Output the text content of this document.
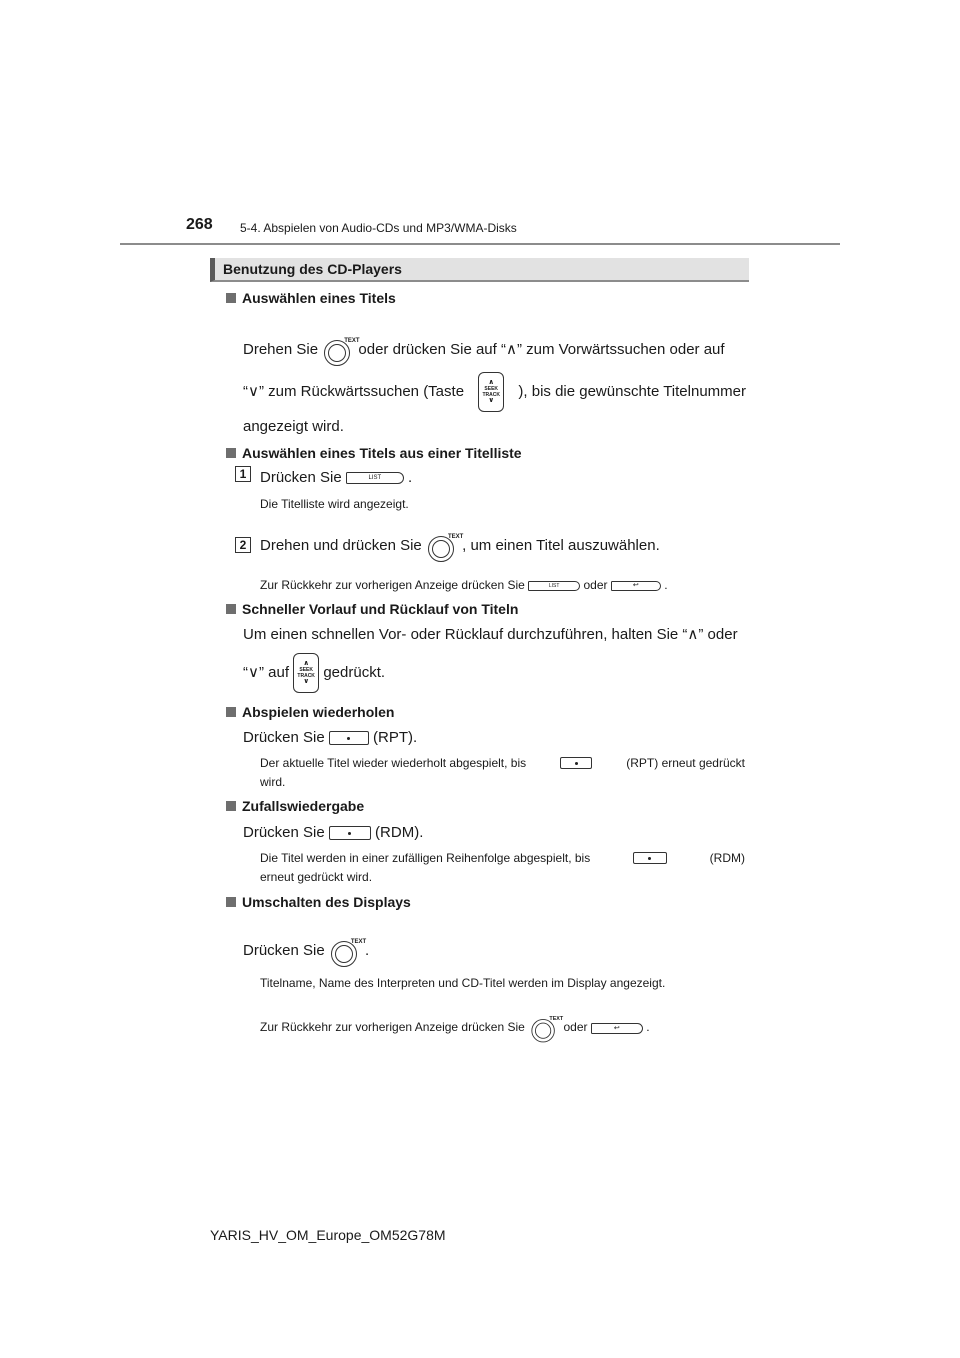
268 5-4. Abspielen von Audio-CDs und MP3/WMA-Disks
Benutzung des CD-Players
Auswählen eines Titels
Drehen Sie	TEXT
oder drücken Sie auf “∧” zum Vorwärtssuchen oder auf
“∨” zum Rückwärtssuchen (Taste
∧
SEEK
TRACK
∨
), bis die gewünschte Titelnummer
angezeigt wird.
Auswählen eines Titels aus einer Titelliste
1 Drücken Sie	LIST .
Die Titelliste wird angezeigt.
2 Drehen und drücken Sie	TEXT
, um einen Titel auszuwählen.
Zur Rückkehr zur vorherigen Anzeige drücken Sie	LIST oder	↩ .
Schneller Vorlauf und Rücklauf von Titeln
Um einen schnellen Vor- oder Rücklauf durchzuführen, halten Sie “∧” oder
“∨” auf
∧
SEEK
TRACK
∨
gedrückt.
Abspielen wiederholen
Drücken Sie	(RPT).
Der aktuelle Titel wieder wiederholt abgespielt, bis	(RPT) erneut gedrückt
wird.
Zufallswiedergabe
Drücken Sie	(RDM).
Die Titel werden in einer zufälligen Reihenfolge abgespielt, bis	(RDM)
erneut gedrückt wird.
Umschalten des Displays
Drücken Sie	TEXT
.
Titelname, Name des Interpreten und CD-Titel werden im Display angezeigt.
Zur Rückkehr zur vorherigen Anzeige drücken Sie
TEXT
oder	↩ .
YARIS_HV_OM_Europe_OM52G78M
